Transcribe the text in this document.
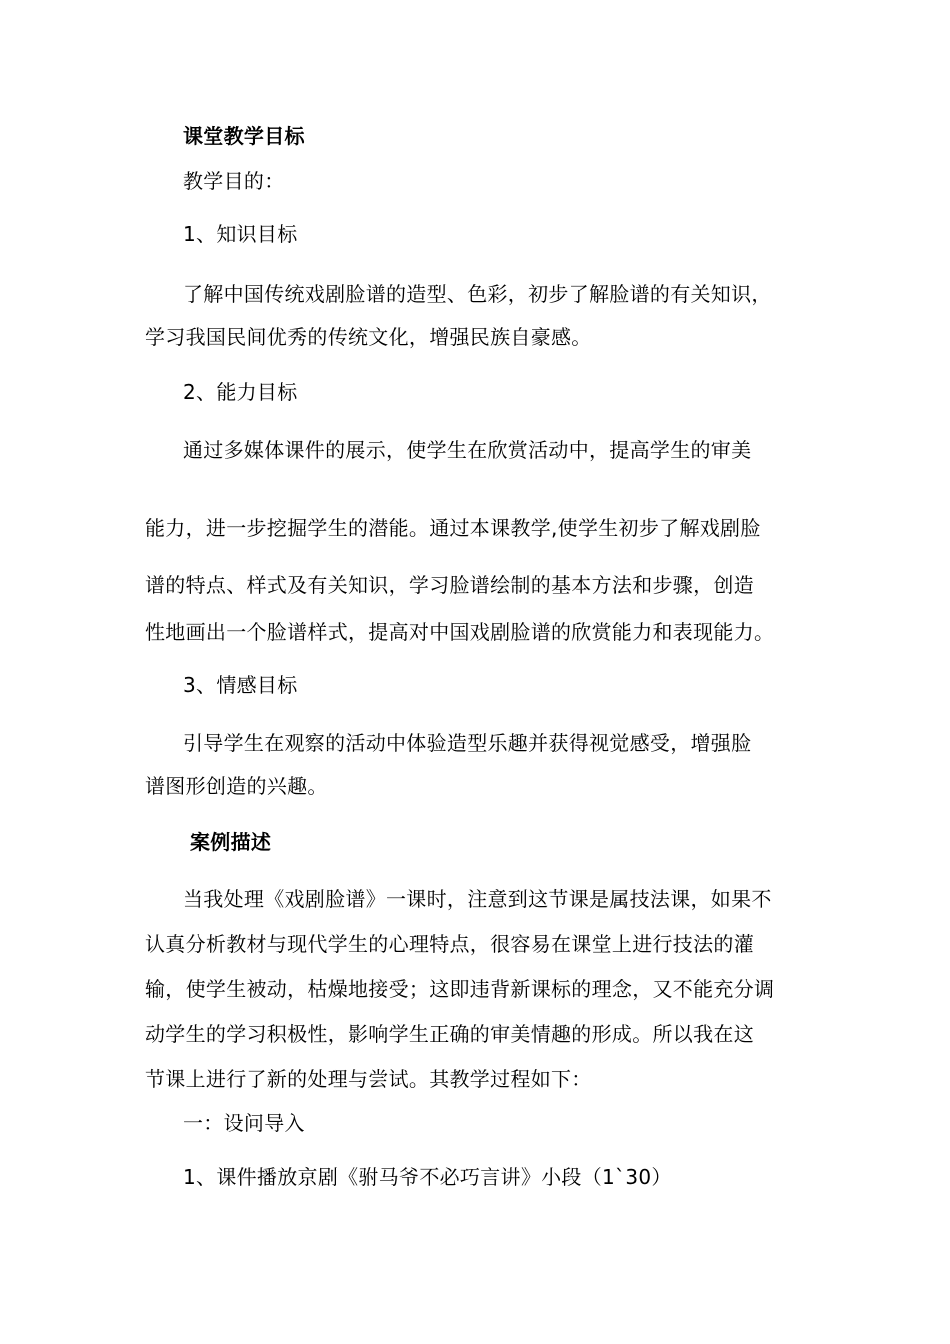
课堂教学目标
教学目的：
1、知识目标
了解中国传统戏剧脸谱的造型、色彩，初步了解脸谱的有关知识，
学习我国民间优秀的传统文化，增强民族自豪感。
2、能力目标
通过多媒体课件的展示，使学生在欣赏活动中，提高学生的审美
能力，进一步挖掘学生的潜能。通过本课教学,使学生初步了解戏剧脸
谱的特点、样式及有关知识，学习脸谱绘制的基本方法和步骤，创造
性地画出一个脸谱样式，提高对中国戏剧脸谱的欣赏能力和表现能力。
3、情感目标
引导学生在观察的活动中体验造型乐趣并获得视觉感受，增强脸
谱图形创造的兴趣。
案例描述
当我处理《戏剧脸谱》一课时，注意到这节课是属技法课，如果不
认真分析教材与现代学生的心理特点，很容易在课堂上进行技法的灌
输，使学生被动，枯燥地接受；这即违背新课标的理念，又不能充分调
动学生的学习积极性，影响学生正确的审美情趣的形成。所以我在这
节课上进行了新的处理与尝试。其教学过程如下：
一：设问导入
1、课件播放京剧《驸马爷不必巧言讲》小段（1`30）
